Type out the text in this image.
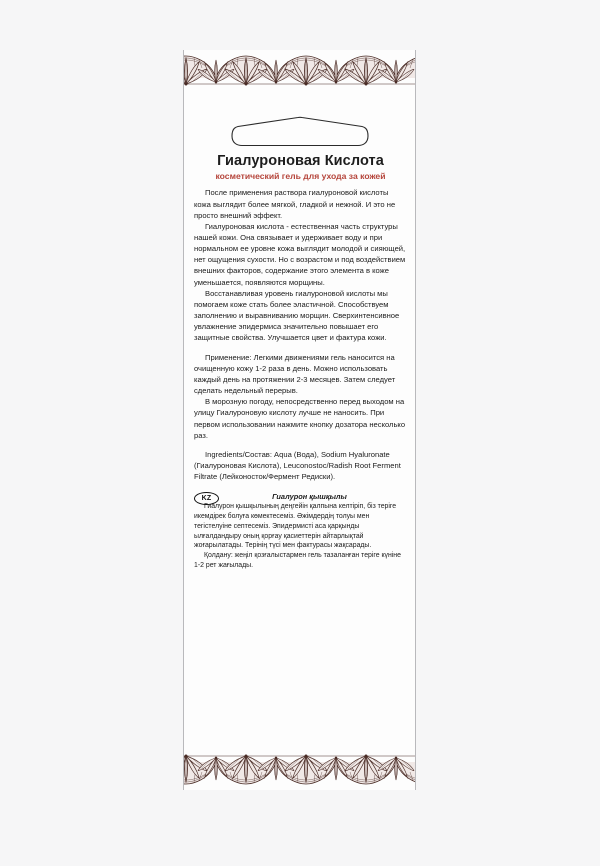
Гиалуроновая Кислота
косметический гель для ухода за кожей

После применения раствора гиалуроновой кислоты кожа выглядит более мягкой, гладкой и нежной. И это не просто внешний эффект.

Гиалуроновая кислота - естественная часть структуры нашей кожи. Она связывает и удерживает воду и при нормальном ее уровне кожа выглядит молодой и сияющей, нет ощущения сухости. Но с возрастом и под воздействием внешних факторов, содержание этого элемента в коже уменьшается, появляются морщины.

Восстанавливая уровень гиалуроновой кислоты мы помогаем коже стать более эластичной. Способствуем заполнению и выравниванию морщин. Сверхинтенсивное увлажнение эпидермиса значительно повышает его защитные свойства. Улучшается цвет и фактура кожи.

Применение: Легкими движениями гель наносится на очищенную кожу 1-2 раза в день. Можно использовать каждый день на протяжении 2-3 месяцев. Затем следует сделать недельный перерыв.

В морозную погоду, непосредственно перед выходом на улицу Гиалуроновую кислоту лучше не наносить. При первом использовании нажмите кнопку дозатора несколько раз.

Ingredients/Состав: Aqua (Вода), Sodium Hyaluronate (Гиалуроновая Кислота), Leuconostoc/Radish Root Ferment Filtrate (Лейконосток/Фермент Редиски).

KZ	Гиалурон қышқылы

Гиалурон қышқылының деңгейін қалпына келтіріп, біз теріге икемдірек болуға көмектесеміз. Әжімдердің толуы мен тегістелуіне септесеміз. Эпидермисті аса қарқынды ылғалдандыру оның қорғау қасиеттерін айтарлықтай жоғарылатады. Терінің түсі мен фактурасы жақсарады.

Қолдану: жеңіл қозғалыстармен гель тазаланған теріге күніне 1-2 рет жағылады.
